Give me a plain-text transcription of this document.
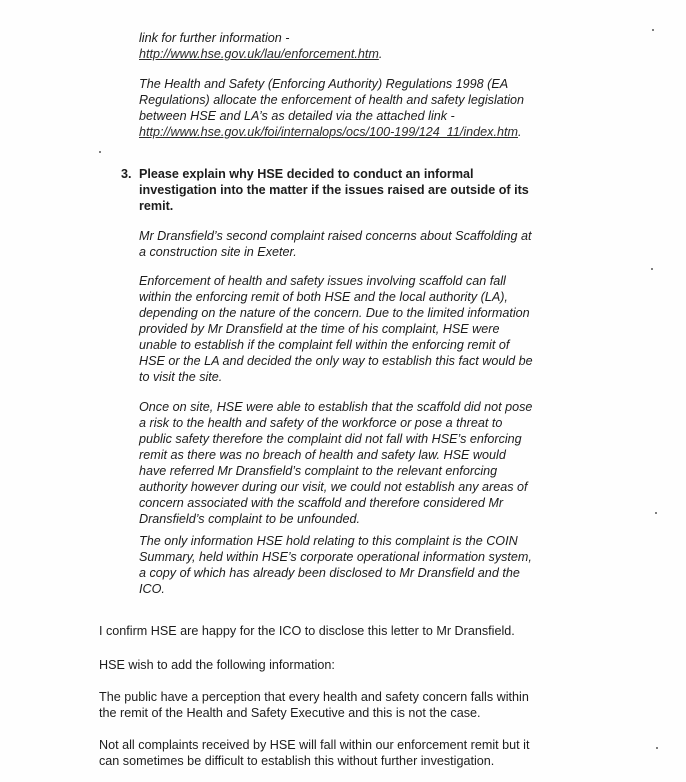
link for further information -
http://www.hse.gov.uk/lau/enforcement.htm.
The Health and Safety (Enforcing Authority) Regulations 1998 (EA
Regulations) allocate the enforcement of health and safety legislation
between HSE and LA’s as detailed via the attached link -
http://www.hse.gov.uk/foi/internalops/ocs/100-199/124_11/index.htm.
3. Please explain why HSE decided to conduct an informal
investigation into the matter if the issues raised are outside of its
remit.
Mr Dransfield’s second complaint raised concerns about Scaffolding at
a construction site in Exeter.
Enforcement of health and safety issues involving scaffold can fall
within the enforcing remit of both HSE and the local authority (LA),
depending on the nature of the concern. Due to the limited information
provided by Mr Dransfield at the time of his complaint, HSE were
unable to establish if the complaint fell within the enforcing remit of
HSE or the LA and decided the only way to establish this fact would be
to visit the site.
Once on site, HSE were able to establish that the scaffold did not pose
a risk to the health and safety of the workforce or pose a threat to
public safety therefore the complaint did not fall with HSE’s enforcing
remit as there was no breach of health and safety law. HSE would
have referred Mr Dransfield’s complaint to the relevant enforcing
authority however during our visit, we could not establish any areas of
concern associated with the scaffold and therefore considered Mr
Dransfield’s complaint to be unfounded.
The only information HSE hold relating to this complaint is the COIN
Summary, held within HSE’s corporate operational information system,
a copy of which has already been disclosed to Mr Dransfield and the
ICO.
I confirm HSE are happy for the ICO to disclose this letter to Mr Dransfield.
HSE wish to add the following information:
The public have a perception that every health and safety concern falls within
the remit of the Health and Safety Executive and this is not the case.
Not all complaints received by HSE will fall within our enforcement remit but it
can sometimes be difficult to establish this without further investigation.
